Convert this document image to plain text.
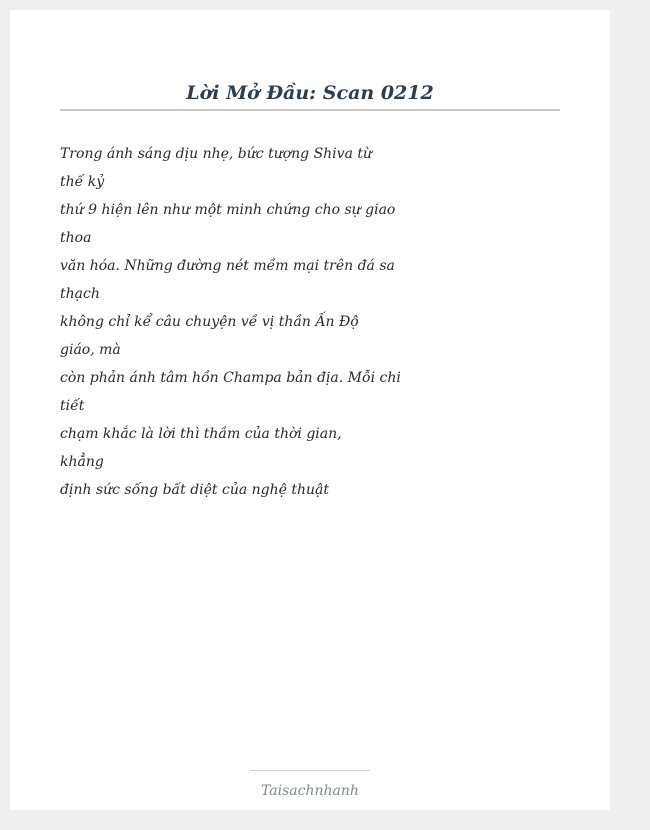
Lời Mở Đầu: Scan 0212
Trong ánh sáng dịu nhẹ, bức tượng Shiva từ
thế kỷ
thứ 9 hiện lên như một minh chứng cho sự giao
thoa
văn hóa. Những đường nét mềm mại trên đá sa
thạch
không chỉ kể câu chuyện về vị thần Ấn Độ
giáo, mà
còn phản ánh tâm hồn Champa bản địa. Mỗi chi
tiết
chạm khắc là lời thì thầm của thời gian,
khẳng
định sức sống bất diệt của nghệ thuật
Taisachnhanh
